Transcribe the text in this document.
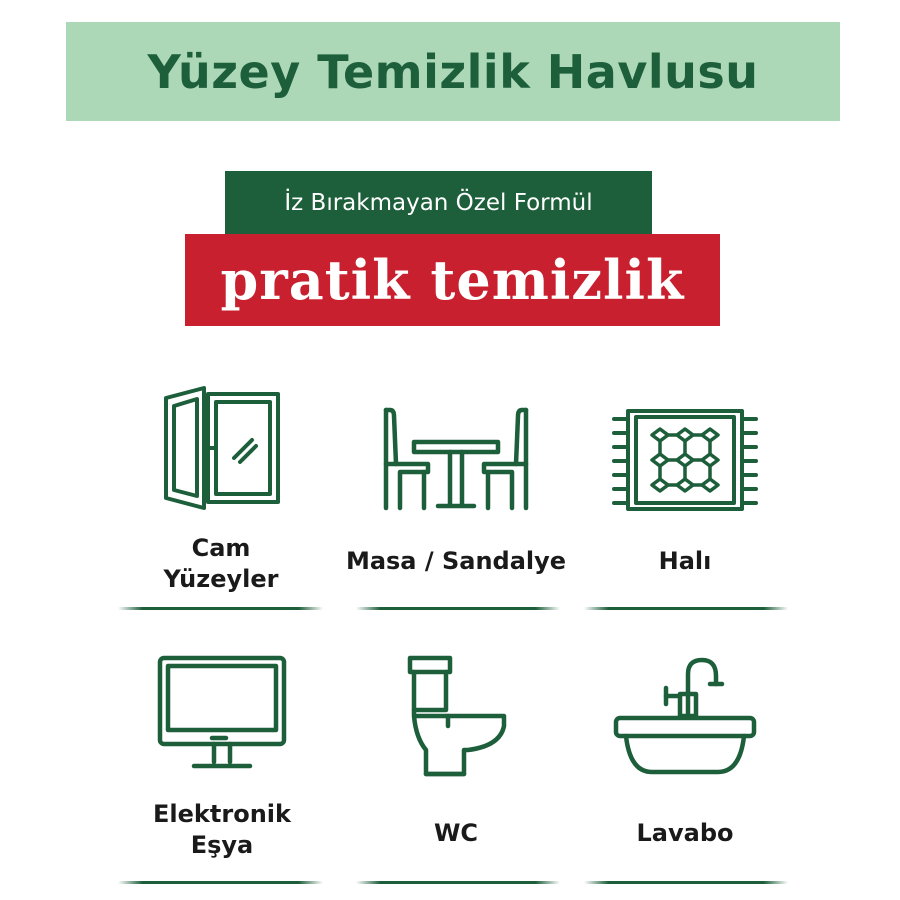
Yüzey Temizlik Havlusu
İz Bırakmayan Özel Formül
pratik temizlik
Cam
Yüzeyler
Masa / Sandalye	Halı
Elektronik
Eşya	WC	Lavabo
